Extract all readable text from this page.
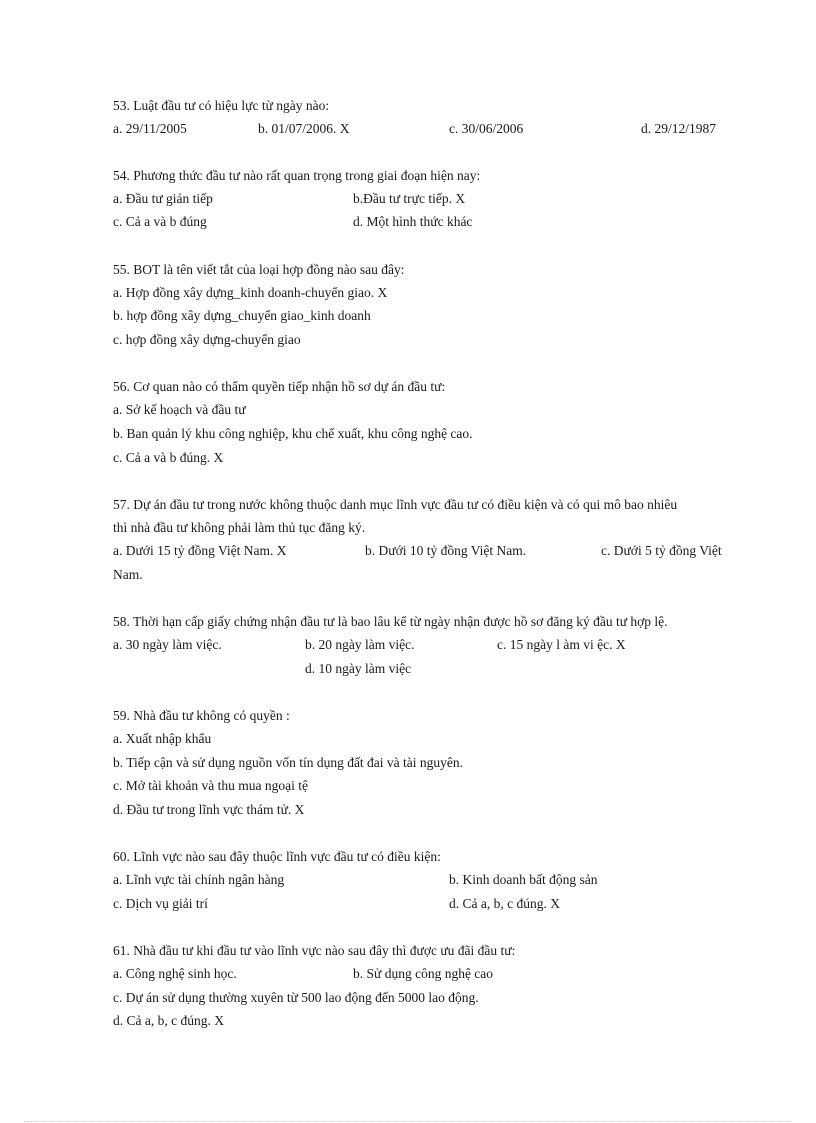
53. Luật đầu tư có hiệu lực từ ngày nào:
a. 29/11/2005	b. 01/07/2006. X	c. 30/06/2006	d. 29/12/1987
54. Phương thức đầu tư nào rất quan trọng trong giai đoạn hiện nay:
a. Đầu tư gián tiếp	b.Đầu tư trực tiếp. X
c. Cả a và b đúng	d. Một hình thức khác
55. BOT là tên viết tắt của loại hợp đồng nào sau đây:
a. Hợp đồng xây dựng_kinh doanh-chuyển giao. X
b. hợp đồng xây dựng_chuyển giao_kinh doanh
c. hợp đồng xây dựng-chuyển giao
56. Cơ quan nào có thẩm quyền tiếp nhận hồ sơ dự án đầu tư:
a. Sở kế hoạch và đầu tư
b. Ban quản lý khu công nghiệp, khu chế xuất, khu công nghệ cao.
c. Cả a và b đúng. X
57. Dự án đầu tư trong nước không thuộc danh mục lĩnh vực đầu tư có điều kiện và có qui mô bao nhiêu
thì nhà đầu tư không phải làm thủ tục đăng ký.
a. Dưới 15 tỷ đồng Việt Nam. X	b. Dưới 10 tỷ đồng Việt Nam.	c. Dưới 5 tỷ đồng Việt
Nam.
58. Thời hạn cấp giấy chứng nhận đầu tư là bao lâu kể từ ngày nhận được hồ sơ đăng ký đầu tư hợp lệ.
a. 30 ngày làm việc.	b. 20 ngày làm việc.	c. 15 ngày l àm vi ệc. X
d. 10 ngày làm việc
59. Nhà đầu tư không có quyền :
a. Xuất nhập khẩu
b. Tiếp cận và sử dụng nguồn vốn tín dụng đất đai và tài nguyên.
c. Mở tài khoản và thu mua ngoại tệ
d. Đầu tư trong lĩnh vực thám tử. X
60. Lĩnh vực nào sau đây thuộc lĩnh vực đầu tư có điều kiện:
a. Lĩnh vực tài chính ngân hàng	b. Kinh doanh bất động sản
c. Dịch vụ giải trí	d. Cả a, b, c đúng. X
61. Nhà đầu tư khi đầu tư vào lĩnh vực nào sau đây thì được ưu đãi đầu tư:
a. Công nghệ sinh học.	b. Sử dụng công nghệ cao
c. Dự án sử dụng thường xuyên từ 500 lao động đến 5000 lao động.
d. Cả a, b, c đúng. X
